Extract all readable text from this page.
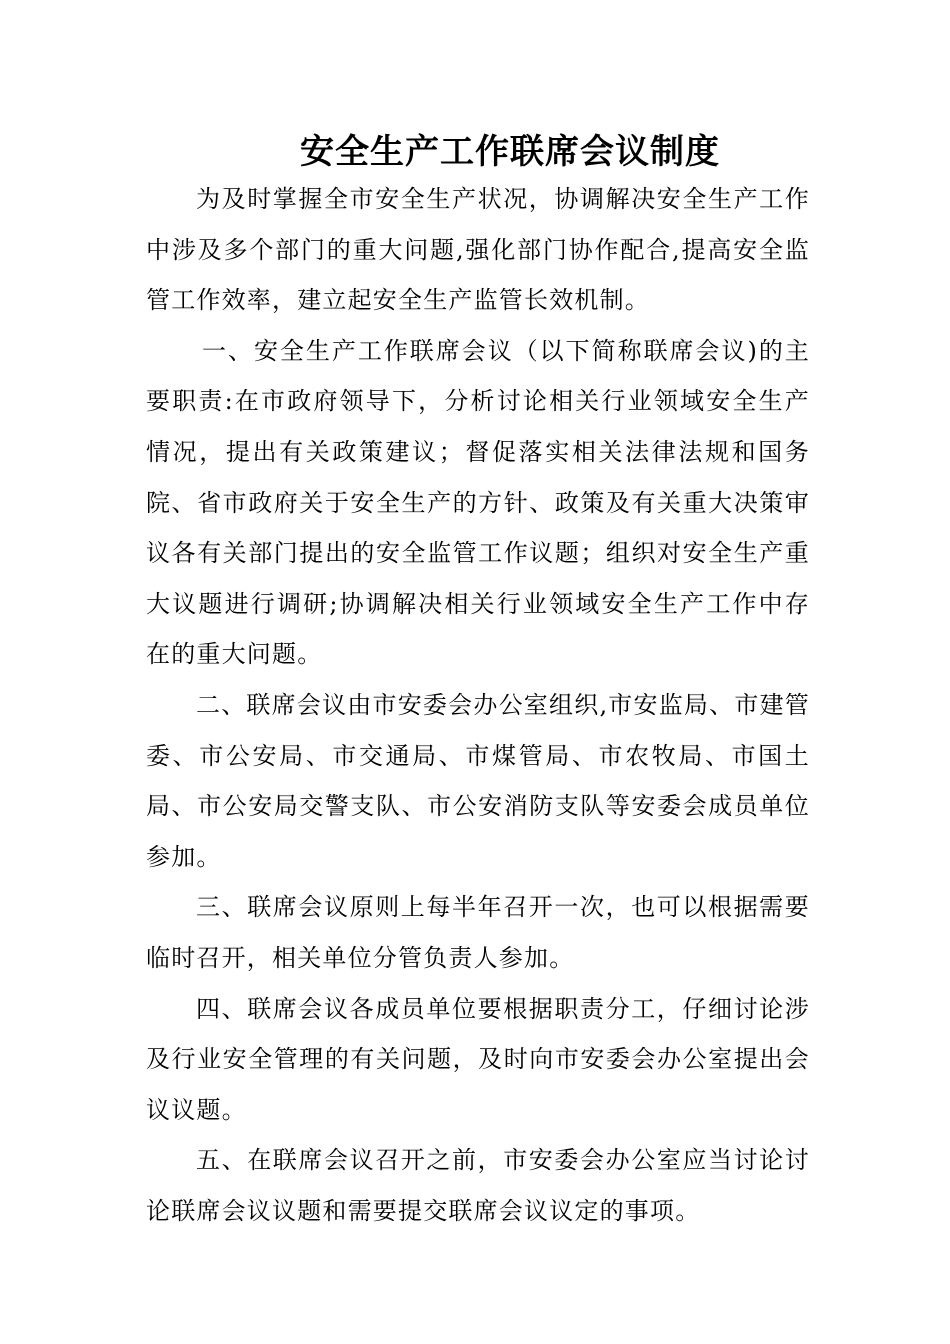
安全生产工作联席会议制度

为及时掌握全市安全生产状况，协调解决安全生产工作中涉及多个部门的重大问题,强化部门协作配合,提高安全监管工作效率，建立起安全生产监管长效机制。

一、安全生产工作联席会议（以下简称联席会议)的主要职责:在市政府领导下，分析讨论相关行业领域安全生产情况，提出有关政策建议；督促落实相关法律法规和国务院、省市政府关于安全生产的方针、政策及有关重大决策审议各有关部门提出的安全监管工作议题；组织对安全生产重大议题进行调研;协调解决相关行业领域安全生产工作中存在的重大问题。

二、联席会议由市安委会办公室组织,市安监局、市建管委、市公安局、市交通局、市煤管局、市农牧局、市国土局、市公安局交警支队、市公安消防支队等安委会成员单位参加。

三、联席会议原则上每半年召开一次，也可以根据需要临时召开，相关单位分管负责人参加。

四、联席会议各成员单位要根据职责分工，仔细讨论涉及行业安全管理的有关问题，及时向市安委会办公室提出会议议题。

五、在联席会议召开之前，市安委会办公室应当讨论讨论联席会议议题和需要提交联席会议议定的事项。
